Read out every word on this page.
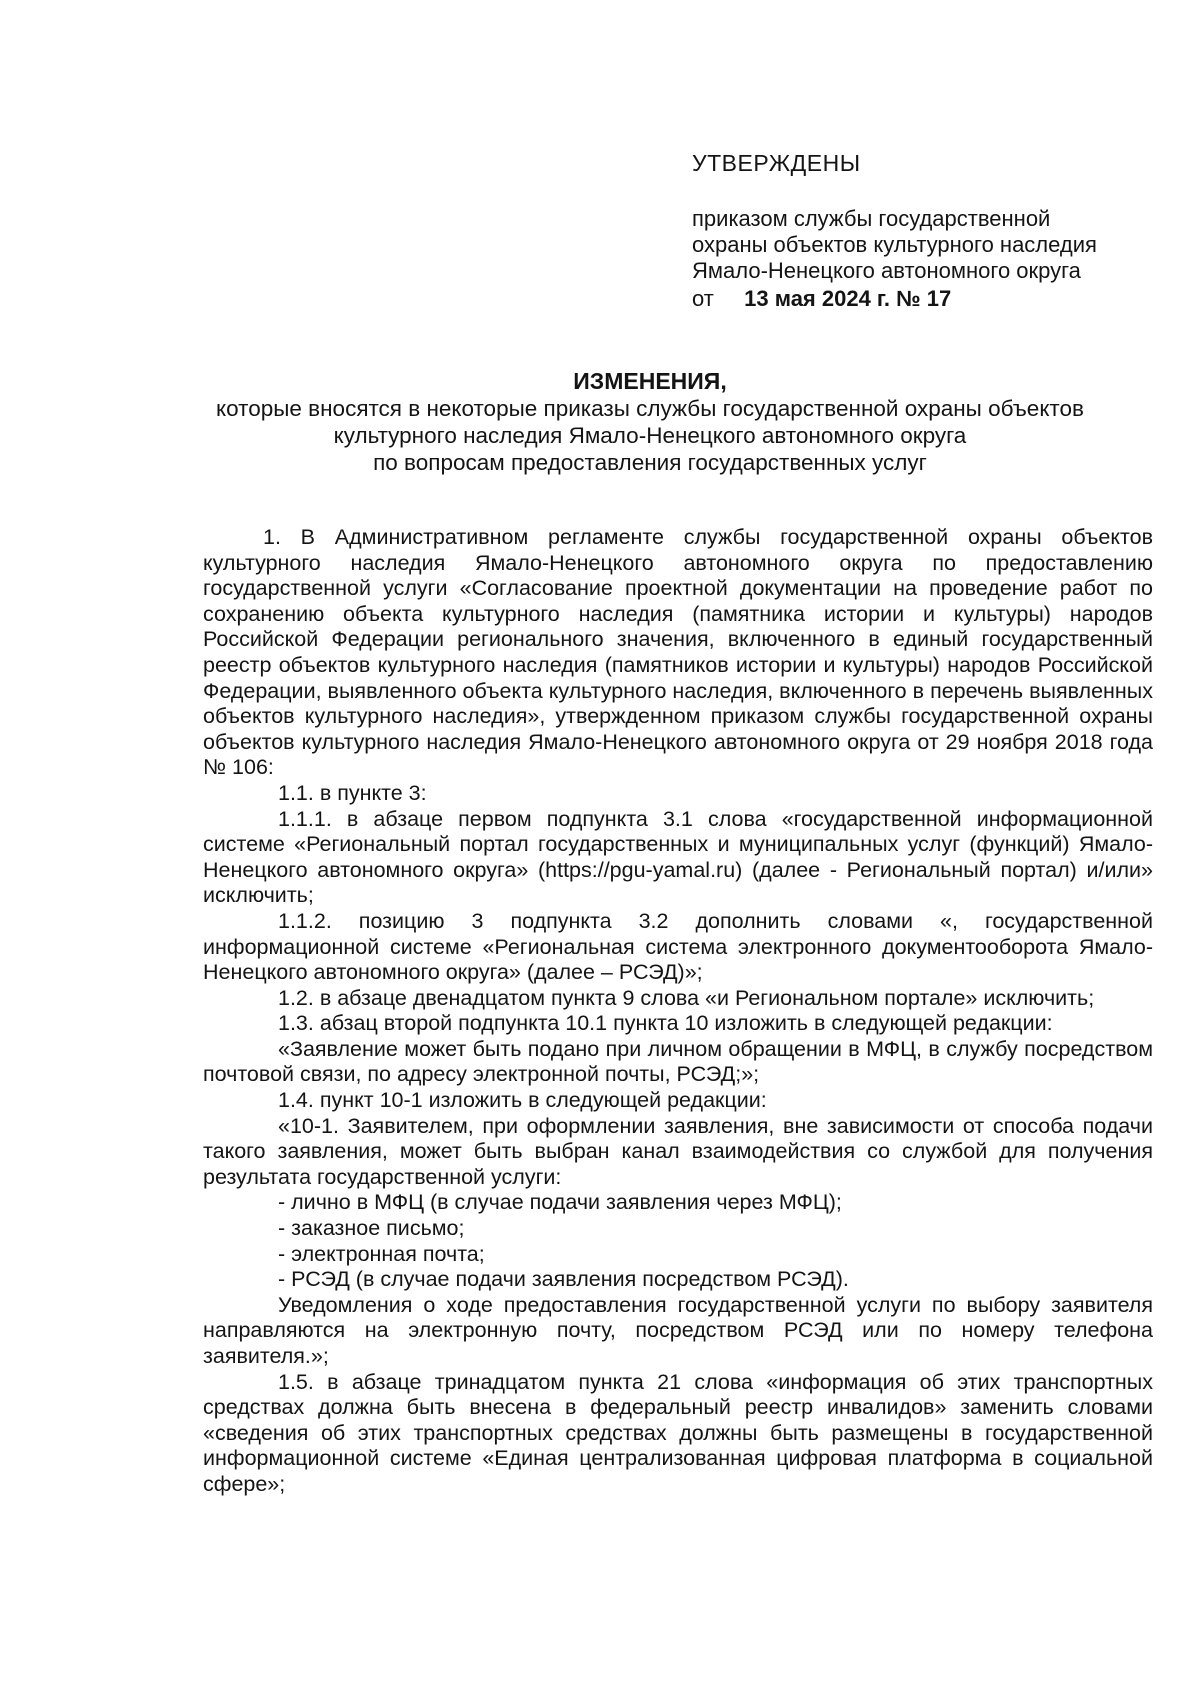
УТВЕРЖДЕНЫ
приказом службы государственной
охраны объектов культурного наследия
Ямало-Ненецкого автономного округа
от 13 мая 2024 г. № 17
ИЗМЕНЕНИЯ,
которые вносятся в некоторые приказы службы государственной охраны объектов
культурного наследия Ямало-Ненецкого автономного округа
по вопросам предоставления государственных услуг

1. В Административном регламенте службы государственной охраны объектов культурного наследия Ямало-Ненецкого автономного округа по предоставлению государственной услуги «Согласование проектной документации на проведение работ по сохранению объекта культурного наследия (памятника истории и культуры) народов Российской Федерации регионального значения, включенного в единый государственный реестр объектов культурного наследия (памятников истории и культуры) народов Российской Федерации, выявленного объекта культурного наследия, включенного в перечень выявленных объектов культурного наследия», утвержденном приказом службы государственной охраны объектов культурного наследия Ямало-Ненецкого автономного округа от 29 ноября 2018 года № 106:

1.1. в пункте 3:

1.1.1. в абзаце первом подпункта 3.1 слова «государственной информационной системе «Региональный портал государственных и муниципальных услуг (функций) Ямало-Ненецкого автономного округа» (https://pgu-yamal.ru) (далее - Региональный портал) и/или» исключить;

1.1.2. позицию 3 подпункта 3.2 дополнить словами «, государственной информационной системе «Региональная система электронного документооборота Ямало-Ненецкого автономного округа» (далее – РСЭД)»;

1.2. в абзаце двенадцатом пункта 9 слова «и Региональном портале» исключить;

1.3. абзац второй подпункта 10.1 пункта 10 изложить в следующей редакции:

«Заявление может быть подано при личном обращении в МФЦ, в службу посредством почтовой связи, по адресу электронной почты, РСЭД;»;

1.4. пункт 10-1 изложить в следующей редакции:

«10-1. Заявителем, при оформлении заявления, вне зависимости от способа подачи такого заявления, может быть выбран канал взаимодействия со службой для получения результата государственной услуги:

- лично в МФЦ (в случае подачи заявления через МФЦ);

- заказное письмо;

- электронная почта;

- РСЭД (в случае подачи заявления посредством РСЭД).

Уведомления о ходе предоставления государственной услуги по выбору заявителя направляются на электронную почту, посредством РСЭД или по номеру телефона заявителя.»;

1.5. в абзаце тринадцатом пункта 21 слова «информация об этих транспортных средствах должна быть внесена в федеральный реестр инвалидов» заменить словами «сведения об этих транспортных средствах должны быть размещены в государственной информационной системе «Единая централизованная цифровая платформа в социальной сфере»;
